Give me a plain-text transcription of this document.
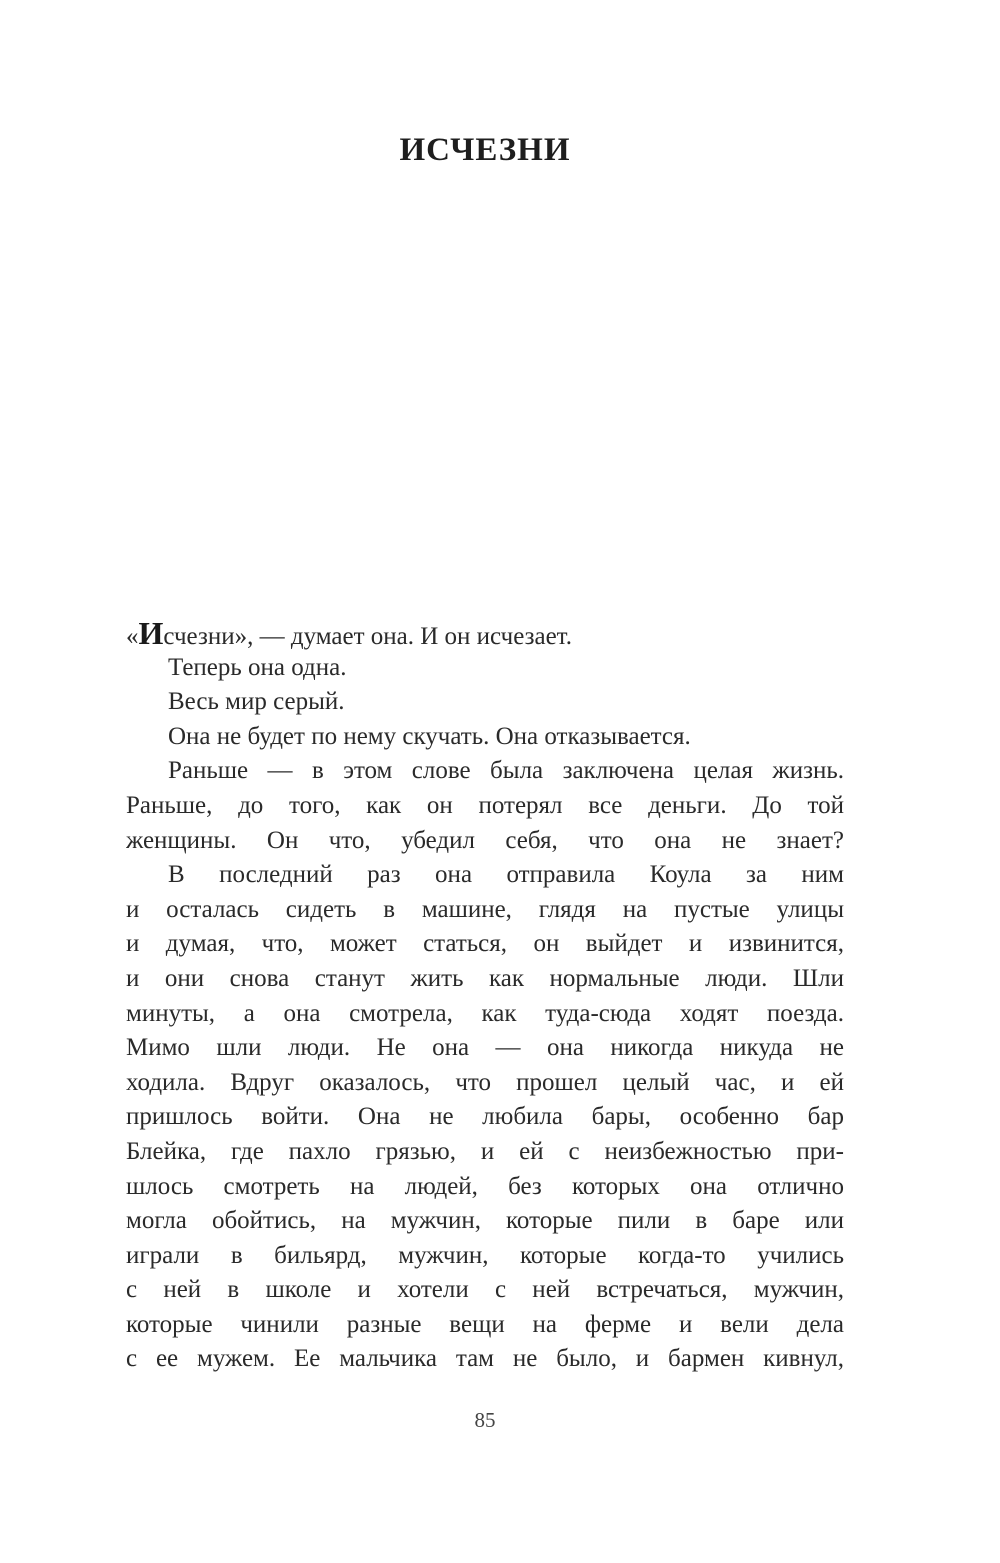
ИСЧЕЗНИ
«Исчезни», — думает она. И он исчезает.
Теперь она одна.
Весь мир серый.
Она не будет по нему скучать. Она отказывается.
Раньше — в этом слове была заключена целая жизнь.
Раньше, до того, как он потерял все деньги. До той
женщины. Он что, убедил себя, что она не знает?
В последний раз она отправила Коула за ним
и осталась сидеть в машине, глядя на пустые улицы
и думая, что, может статься, он выйдет и извинится,
и они снова станут жить как нормальные люди. Шли
минуты, а она смотрела, как туда-сюда ходят поезда.
Мимо шли люди. Не она — она никогда никуда не
ходила. Вдруг оказалось, что прошел целый час, и ей
пришлось войти. Она не любила бары, особенно бар
Блейка, где пахло грязью, и ей с неизбежностью при-
шлось смотреть на людей, без которых она отлично
могла обойтись, на мужчин, которые пили в баре или
играли в бильярд, мужчин, которые когда-то учились
с ней в школе и хотели с ней встречаться, мужчин,
которые чинили разные вещи на ферме и вели дела
с ее мужем. Ее мальчика там не было, и бармен кивнул,
85
